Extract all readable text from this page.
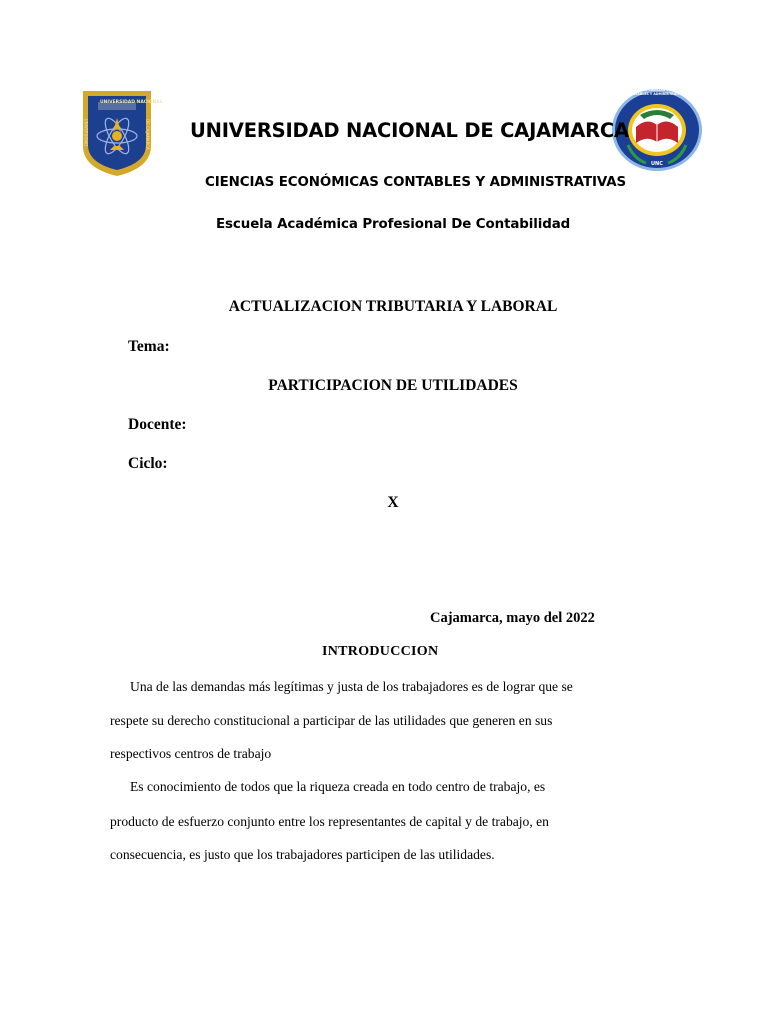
UNIVERSIDAD NACIONAL
UNIVERSIDAD	DE CAJAMARCA
FACULTAD DE CIENCIAS ECONÓMICAS CONTABLES Y ADMINISTRATIVAS
UNC
UNIVERSIDAD NACIONAL DE CAJAMARCA
CIENCIAS ECONÓMICAS CONTABLES Y ADMINISTRATIVAS
Escuela Académica Profesional De Contabilidad
ACTUALIZACION TRIBUTARIA Y LABORAL
Tema:
PARTICIPACION DE UTILIDADES
Docente:
Ciclo:
X
Cajamarca, mayo del 2022
INTRODUCCION
Una de las demandas más legítimas y justa de los trabajadores es de lograr que se
respete su derecho constitucional a participar de las utilidades que generen en sus
respectivos centros de trabajo
Es conocimiento de todos que la riqueza creada en todo centro de trabajo, es
producto de esfuerzo conjunto entre los representantes de capital y de trabajo, en
consecuencia, es justo que los trabajadores participen de las utilidades.
